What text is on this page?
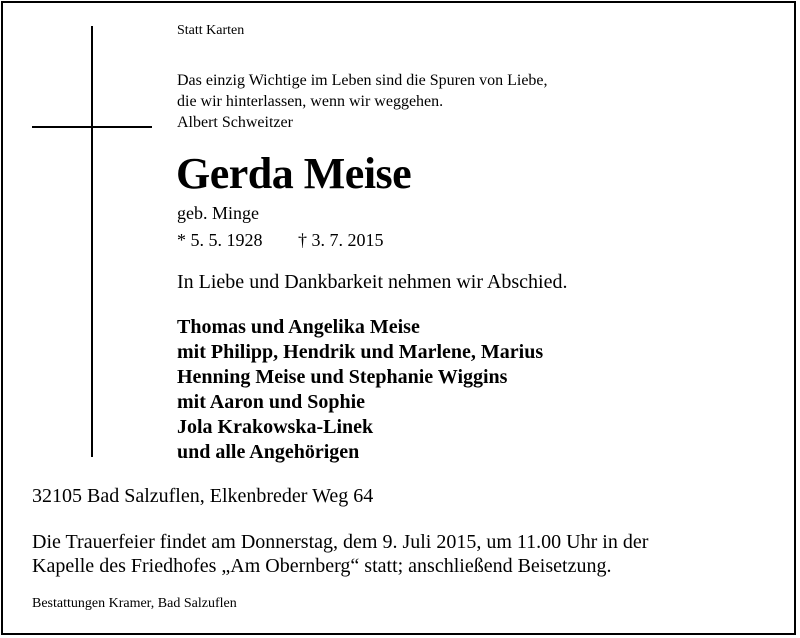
Statt Karten
Das einzig Wichtige im Leben sind die Spuren von Liebe,
die wir hinterlassen, wenn wir weggehen.
Albert Schweitzer
Gerda Meise
geb. Minge
* 5. 5. 1928 † 3. 7. 2015
In Liebe und Dankbarkeit nehmen wir Abschied.
Thomas und Angelika Meise
mit Philipp, Hendrik und Marlene, Marius
Henning Meise und Stephanie Wiggins
mit Aaron und Sophie
Jola Krakowska-Linek
und alle Angehörigen
32105 Bad Salzuflen, Elkenbreder Weg 64
Die Trauerfeier findet am Donnerstag, dem 9. Juli 2015, um 11.00 Uhr in der
Kapelle des Friedhofes „Am Obernberg“ statt; anschließend Beisetzung.
Bestattungen Kramer, Bad Salzuflen
